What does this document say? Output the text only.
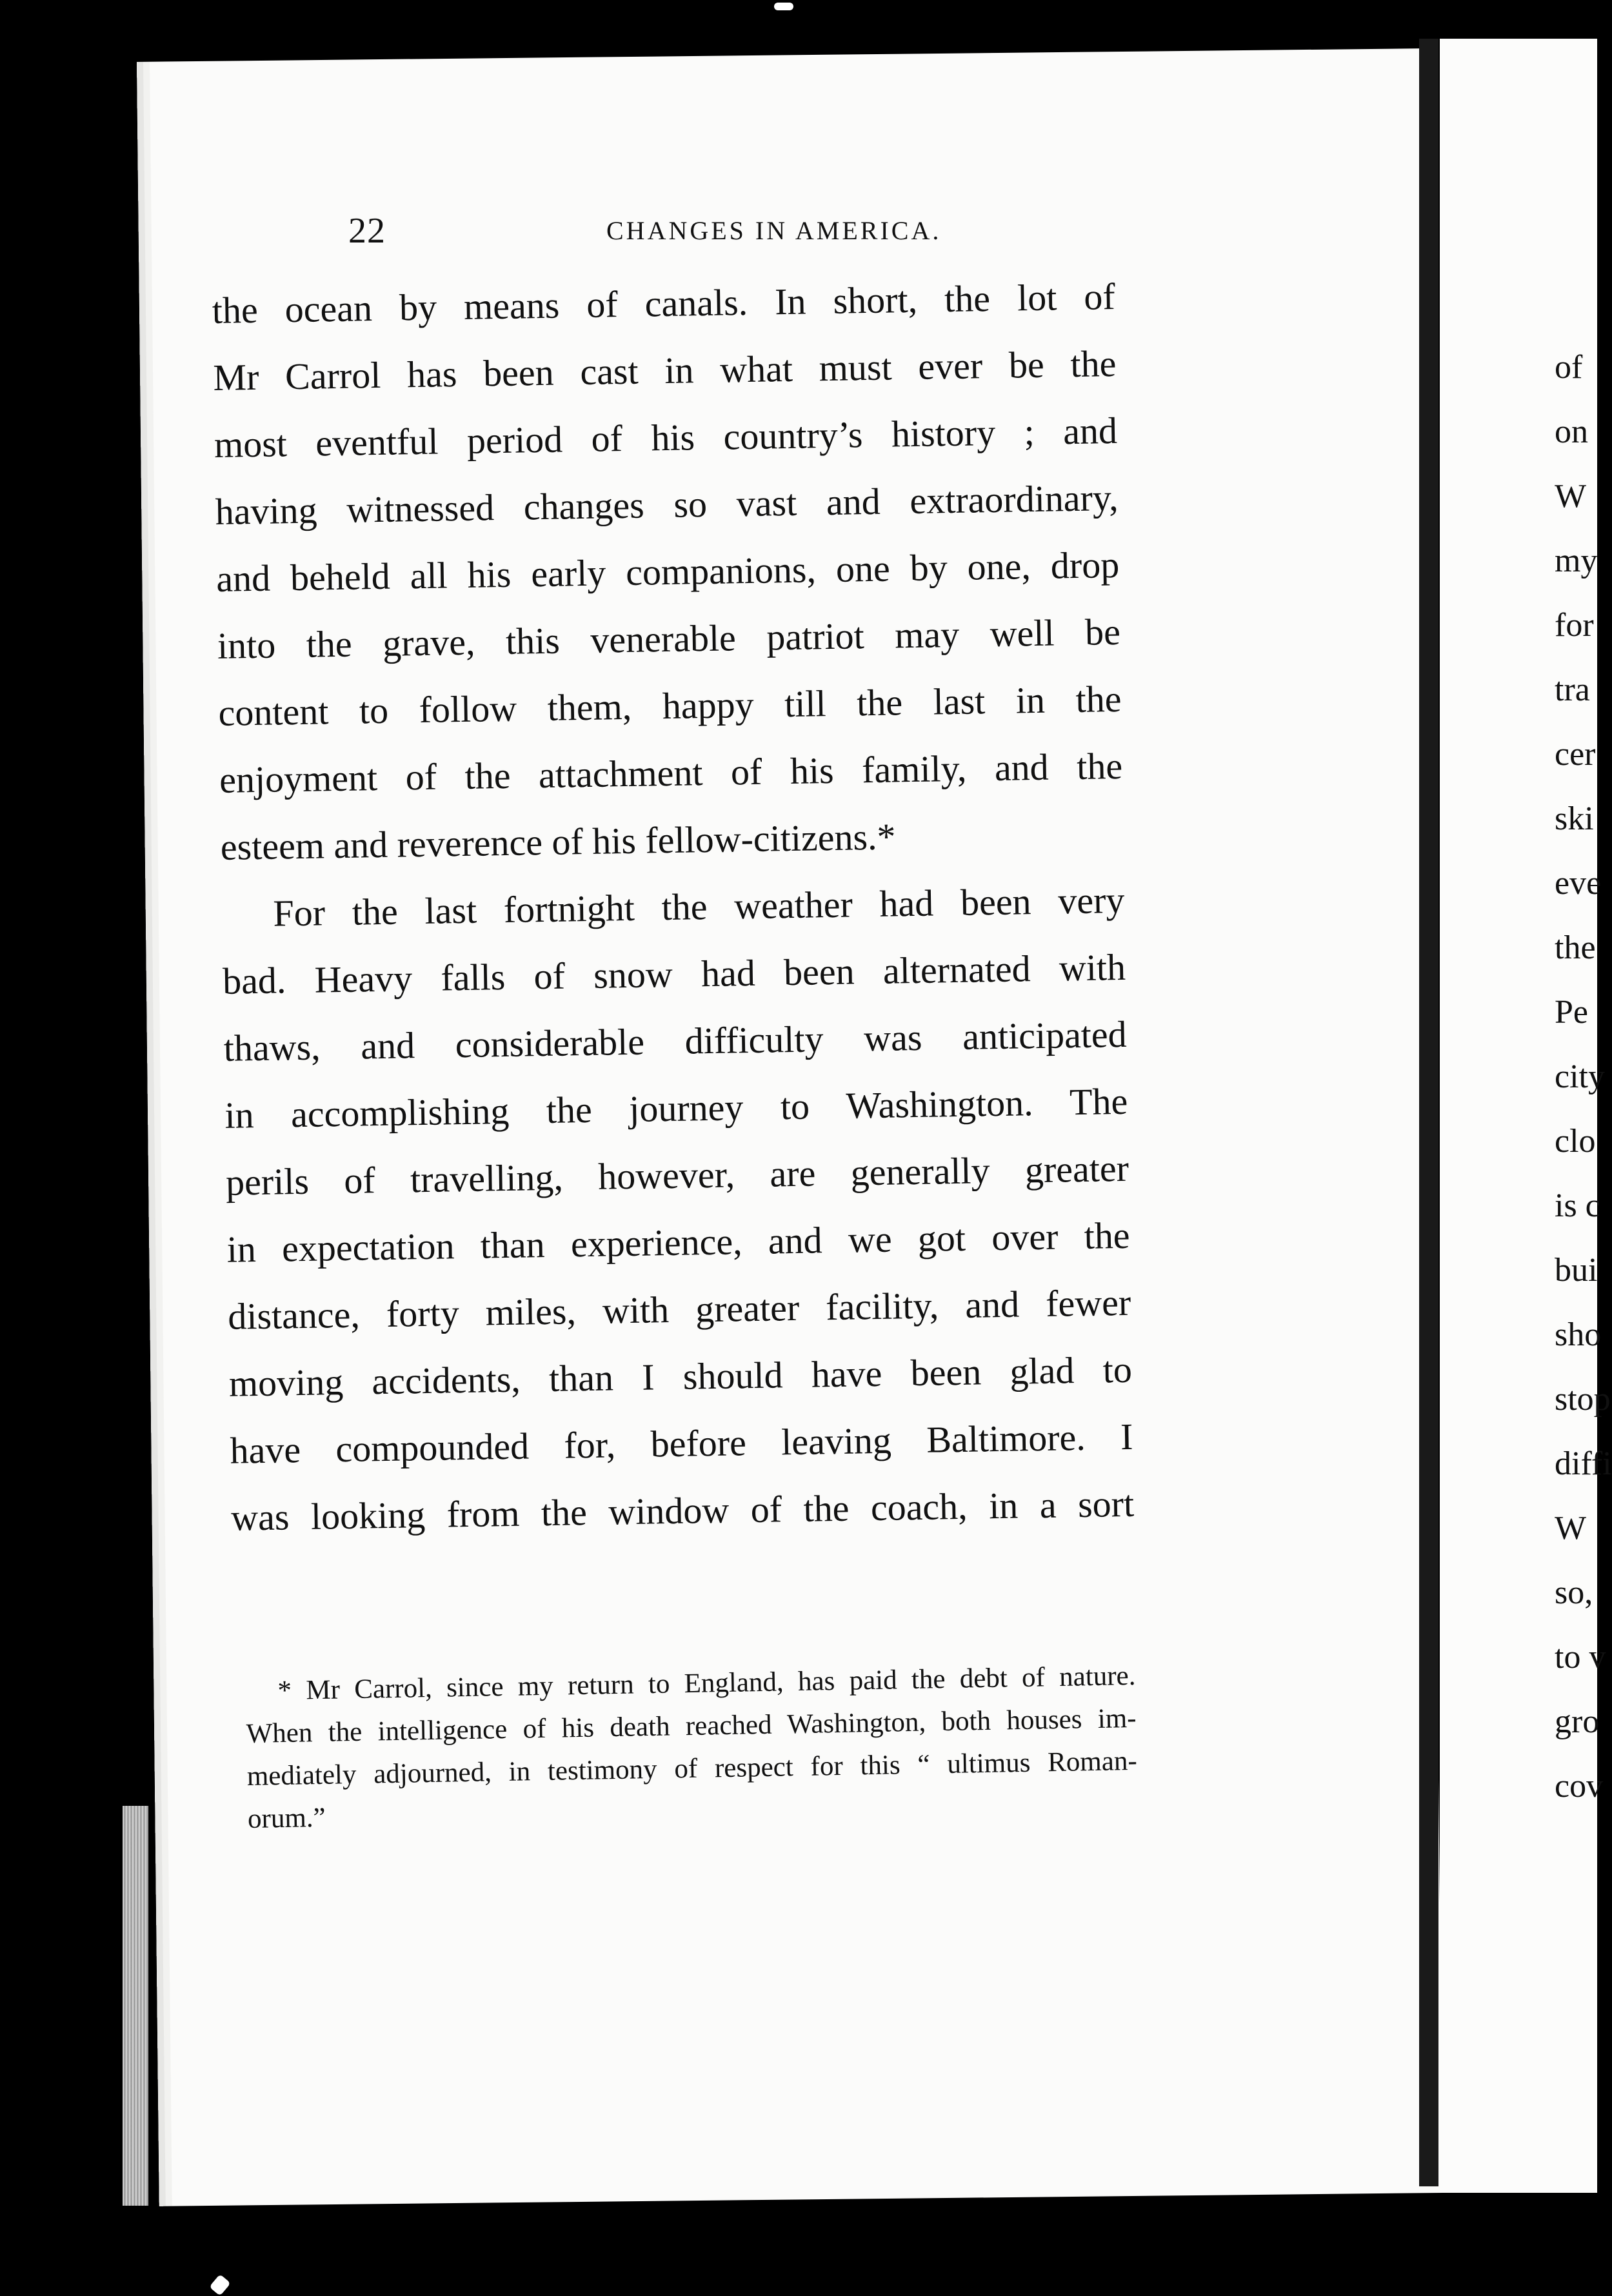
22	CHANGES IN AMERICA.
the ocean by means of canals. In short, the lot of
Mr Carrol has been cast in what must ever be the
most eventful period of his country’s history ; and
having witnessed changes so vast and extraordinary,
and beheld all his early companions, one by one, drop
into the grave, this venerable patriot may well be
content to follow them, happy till the last in the
enjoyment of the attachment of his family, and the
esteem and reverence of his fellow-citizens.*
For the last fortnight the weather had been very
bad. Heavy falls of snow had been alternated with
thaws, and considerable difficulty was anticipated
in accomplishing the journey to Washington. The
perils of travelling, however, are generally greater
in expectation than experience, and we got over the
distance, forty miles, with greater facility, and fewer
moving accidents, than I should have been glad to
have compounded for, before leaving Baltimore. I
was looking from the window of the coach, in a sort
* Mr Carrol, since my return to England, has paid the debt of nature.
When the intelligence of his death reached Washington, both houses im-
mediately adjourned, in testimony of respect for this “ ultimus Roman-
orum.”
of
on
W
my
for
tra
cer
ski
eve
the
Pe
city
clo
is c
bui
sho
stop
diffi
W
so,
to v
gro
cov
